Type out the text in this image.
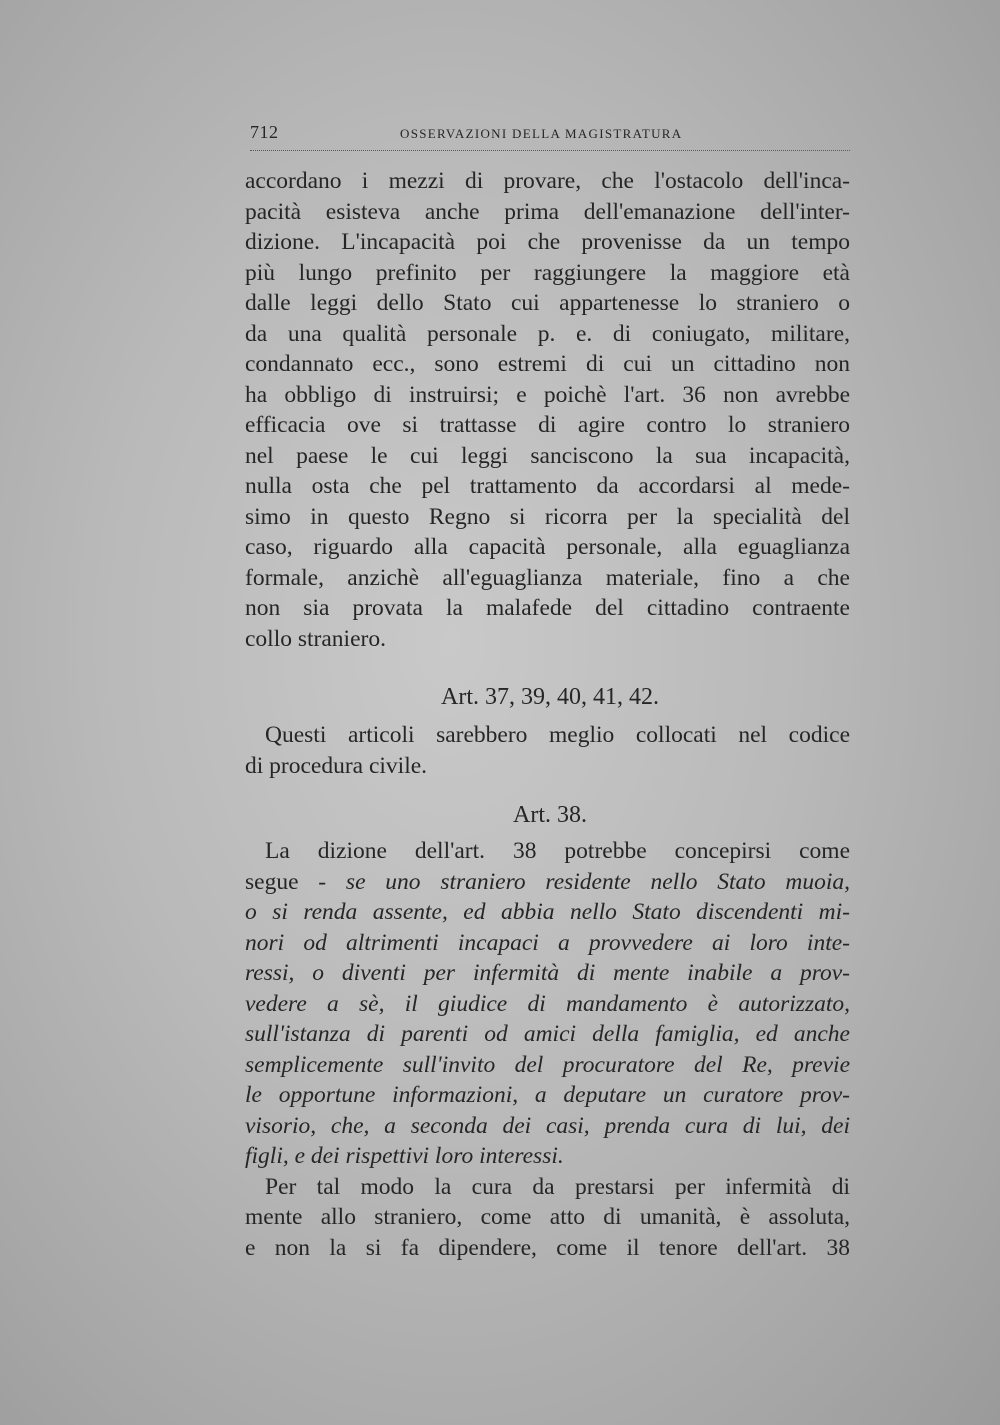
712	OSSERVAZIONI DELLA MAGISTRATURA
accordano i mezzi di provare, che l'ostacolo dell'inca-
pacità esisteva anche prima dell'emanazione dell'inter-
dizione. L'incapacità poi che provenisse da un tempo
più lungo prefinito per raggiungere la maggiore età
dalle leggi dello Stato cui appartenesse lo straniero o
da una qualità personale p. e. di coniugato, militare,
condannato ecc., sono estremi di cui un cittadino non
ha obbligo di instruirsi; e poichè l'art. 36 non avrebbe
efficacia ove si trattasse di agire contro lo straniero
nel paese le cui leggi sanciscono la sua incapacità,
nulla osta che pel trattamento da accordarsi al mede-
simo in questo Regno si ricorra per la specialità del
caso, riguardo alla capacità personale, alla eguaglianza
formale, anzichè all'eguaglianza materiale, fino a che
non sia provata la malafede del cittadino contraente
collo straniero.
Art. 37, 39, 40, 41, 42.
Questi articoli sarebbero meglio collocati nel codice
di procedura civile.
Art. 38.
La dizione dell'art. 38 potrebbe concepirsi come
segue - se uno straniero residente nello Stato muoia,
o si renda assente, ed abbia nello Stato discendenti mi-
nori od altrimenti incapaci a provvedere ai loro inte-
ressi, o diventi per infermità di mente inabile a prov-
vedere a sè, il giudice di mandamento è autorizzato,
sull'istanza di parenti od amici della famiglia, ed anche
semplicemente sull'invito del procuratore del Re, previe
le opportune informazioni, a deputare un curatore prov-
visorio, che, a seconda dei casi, prenda cura di lui, dei
figli, e dei rispettivi loro interessi.
Per tal modo la cura da prestarsi per infermità di
mente allo straniero, come atto di umanità, è assoluta,
e non la si fa dipendere, come il tenore dell'art. 38
